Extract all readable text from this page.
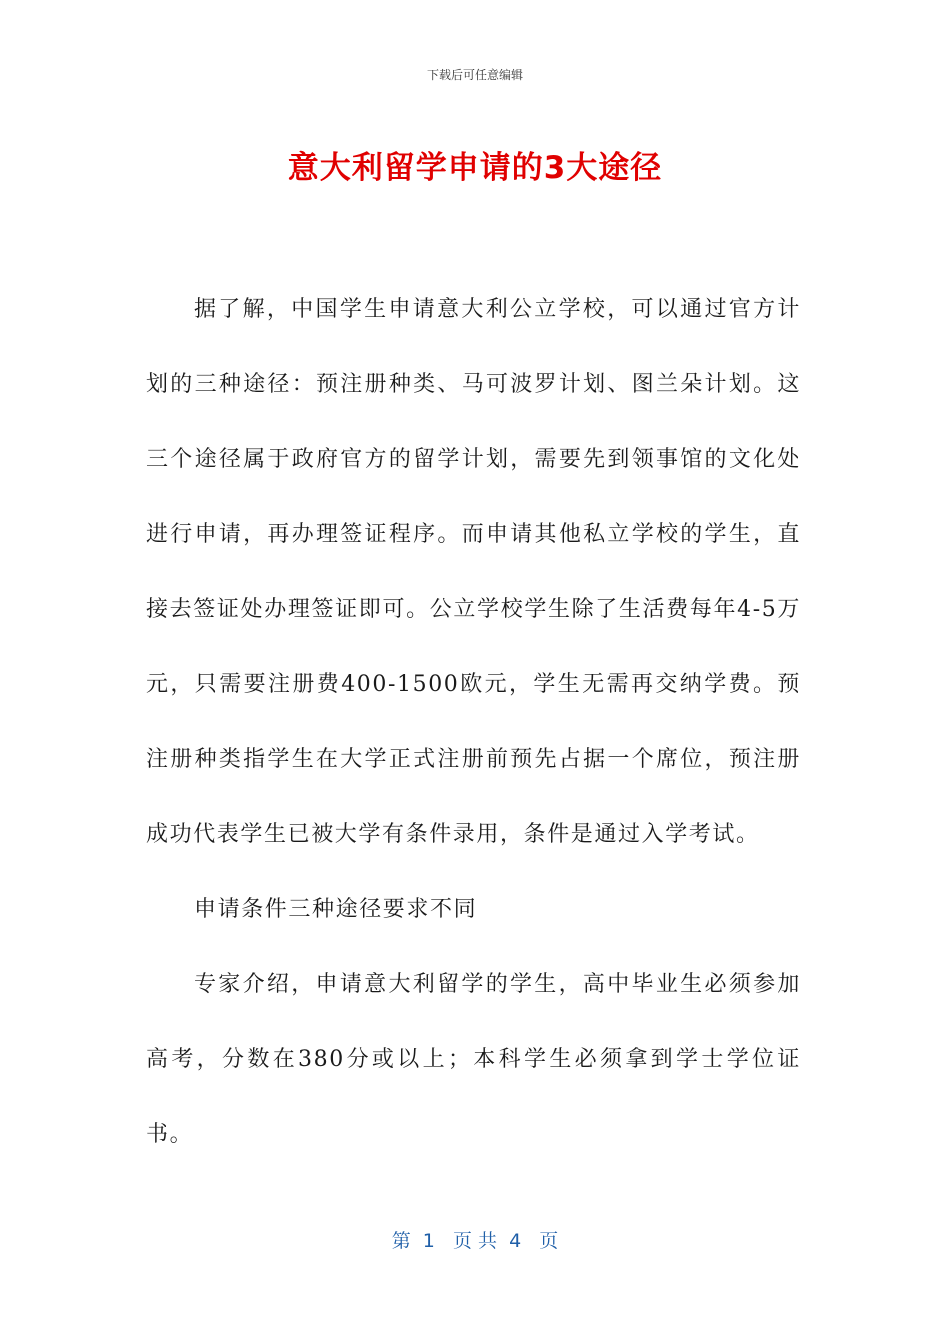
下载后可任意编辑
意大利留学申请的3大途径

据了解，中国学生申请意大利公立学校，可以通过官方计划的三种途径：预注册种类、马可波罗计划、图兰朵计划。这三个途径属于政府官方的留学计划，需要先到领事馆的文化处进行申请，再办理签证程序。而申请其他私立学校的学生，直接去签证处办理签证即可。公立学校学生除了生活费每年4-5万元，只需要注册费400-1500欧元，学生无需再交纳学费。预注册种类指学生在大学正式注册前预先占据一个席位，预注册成功代表学生已被大学有条件录用，条件是通过入学考试。

申请条件三种途径要求不同

专家介绍，申请意大利留学的学生，高中毕业生必须参加高考，分数在380分或以上；本科学生必须拿到学士学位证书。

第  1   页 共  4   页
